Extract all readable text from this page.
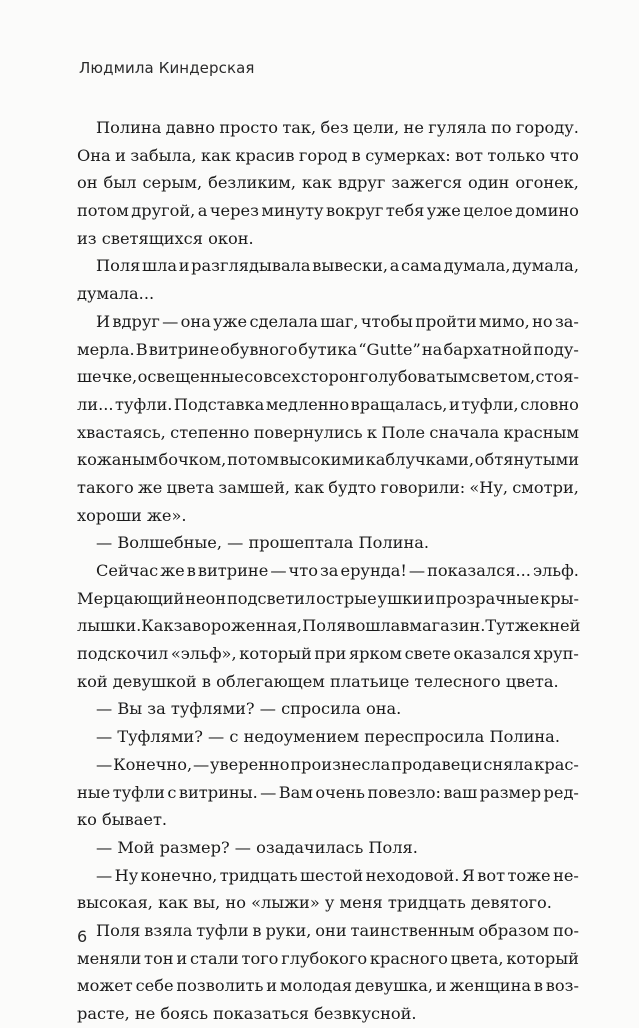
Людмила Киндерская
Полина давно просто так, без цели, не гуляла по городу.
Она и забыла, как красив город в сумерках: вот только что
он был серым, безликим, как вдруг зажегся один огонек,
потом другой, а через минуту вокруг тебя уже целое домино
из светящихся окон.
Поля шла и разглядывала вывески, а сама думала, думала,
думала...
И вдруг — она уже сделала шаг, чтобы пройти мимо, но за-
мерла. В витрине обувного бутика “Gutte” на бархатной поду-
шечке, освещенные со всех сторон голубоватым светом, стоя-
ли... туфли. Подставка медленно вращалась, и туфли, словно
хвастаясь, степенно повернулись к Поле сначала красным
кожаным бочком, потом высокими каблучками, обтянутыми
такого же цвета замшей, как будто говорили: «Ну, смотри,
хороши же».
— Волшебные, — прошептала Полина.
Сейчас же в витрине — что за ерунда! — показался... эльф.
Мерцающий неон подсветил острые ушки и прозрачные кры-
лышки. Как завороженная, Поля вошла в магазин. Тут же к ней
подскочил «эльф», который при ярком свете оказался хруп-
кой девушкой в облегающем платьице телесного цвета.
— Вы за туфлями? — спросила она.
— Туфлями? — с недоумением переспросила Полина.
— Конечно, — уверенно произнесла продавец и сняла крас-
ные туфли с витрины. — Вам очень повезло: ваш размер ред-
ко бывает.
— Мой размер? — озадачилась Поля.
— Ну конечно, тридцать шестой неходовой. Я вот тоже не-
высокая, как вы, но «лыжи» у меня тридцать девятого.
Поля взяла туфли в руки, они таинственным образом по-
меняли тон и стали того глубокого красного цвета, который
может себе позволить и молодая девушка, и женщина в воз-
расте, не боясь показаться безвкусной.
6
